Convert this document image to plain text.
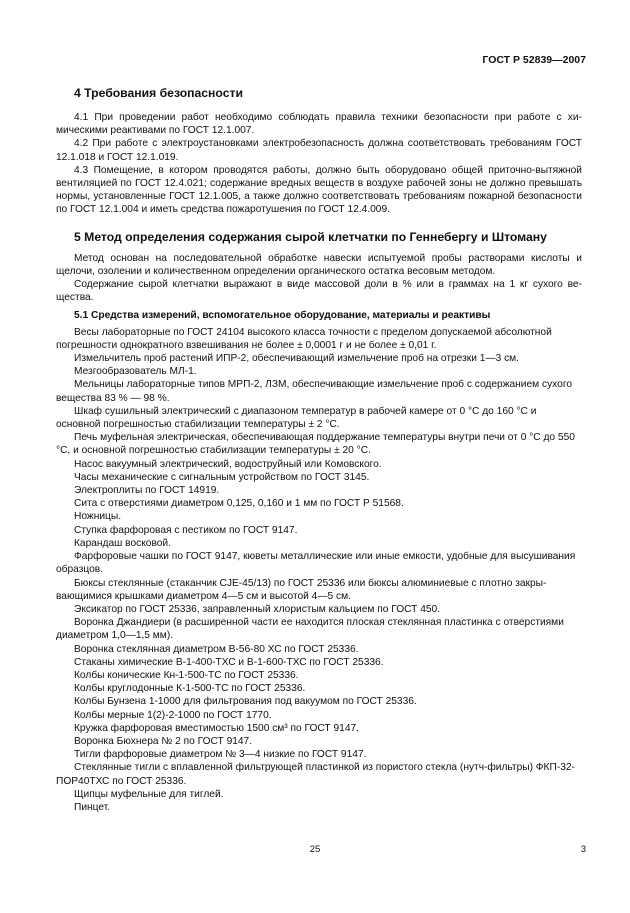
ГОСТ Р 52839—2007
4 Требования безопасности

4.1 При проведении работ необходимо соблюдать правила техники безопасности при работе с химическими реактивами по ГОСТ 12.1.007.

4.2 При работе с электроустановками электробезопасность должна соответствовать требованиям ГОСТ 12.1.018 и ГОСТ 12.1.019.

4.3 Помещение, в котором проводятся работы, должно быть оборудовано общей приточно-вытяжной вентиляцией по ГОСТ 12.4.021; содержание вредных веществ в воздухе рабочей зоны не должно превышать нормы, установленные ГОСТ 12.1.005, а также должно соответствовать требованиям пожарной безопасности по ГОСТ 12.1.004 и иметь средства пожаротушения по ГОСТ 12.4.009.

5 Метод определения содержания сырой клетчатки по Геннебергу и Штоману

Метод основан на последовательной обработке навески испытуемой пробы растворами кислоты и щелочи, озолении и количественном определении органического остатка весовым методом.

Содержание сырой клетчатки выражают в виде массовой доли в % или в граммах на 1 кг сухого вещества.

5.1 Средства измерений, вспомогательное оборудование, материалы и реактивы

Весы лабораторные по ГОСТ 24104 высокого класса точности с пределом допускаемой абсолютной погрешности однократного взвешивания не более ± 0,0001 г и не более ± 0,01 г.

Измельчитель проб растений ИПР-2, обеспечивающий измельчение проб на отрезки 1—3 см.

Мезгообразователь МЛ-1.

Мельницы лабораторные типов МРП-2, ЛЗМ, обеспечивающие измельчение проб с содержанием сухого вещества 83 % — 98 %.

Шкаф сушильный электрический с диапазоном температур в рабочей камере от 0 °С до 160 °С и основной погрешностью стабилизации температуры ± 2 °С.

Печь муфельная электрическая, обеспечивающая поддержание температуры внутри печи от 0 °С до 550 °С, и основной погрешностью стабилизации температуры ± 20 °С.

Насос вакуумный электрический, водоструйный или Комовского.

Часы механические с сигнальным устройством по ГОСТ 3145.

Электроплиты по ГОСТ 14919.

Сита с отверстиями диаметром 0,125, 0,160 и 1 мм по ГОСТ Р 51568.

Ножницы.

Ступка фарфоровая с пестиком по ГОСТ 9147.

Карандаш восковой.

Фарфоровые чашки по ГОСТ 9147, кюветы металлические или иные емкости, удобные для высушивания образцов.

Бюксы стеклянные (стаканчик CJE-45/13) по ГОСТ 25336 или бюксы алюминиевые с плотно закрывающимися крышками диаметром 4—5 см и высотой 4—5 см.

Эксикатор по ГОСТ 25336, заправленный хлористым кальцием по ГОСТ 450.

Воронка Джандиери (в расширенной части ее находится плоская стеклянная пластинка с отверстиями диаметром 1,0—1,5 мм).

Воронка стеклянная диаметром В-56-80 ХС по ГОСТ 25336.

Стаканы химические В-1-400-ТХС и В-1-600-ТХС по ГОСТ 25336.

Колбы конические Кн-1-500-ТС по ГОСТ 25336.

Колбы круглодонные К-1-500-ТС по ГОСТ 25336.

Колбы Бунзена 1-1000 для фильтрования под вакуумом по ГОСТ 25336.

Колбы мерные 1(2)-2-1000 по ГОСТ 1770.

Кружка фарфоровая вместимостью 1500 см³ по ГОСТ 9147.

Воронка Бюхнера № 2 по ГОСТ 9147.

Тигли фарфоровые диаметром № 3—4 низкие по ГОСТ 9147.

Стеклянные тигли с вплавленной фильтрующей пластинкой из пористого стекла (нутч-фильтры) ФКП-32-ПОР40ТХС по ГОСТ 25336.

Щипцы муфельные для тиглей.

Пинцет.

25	3
